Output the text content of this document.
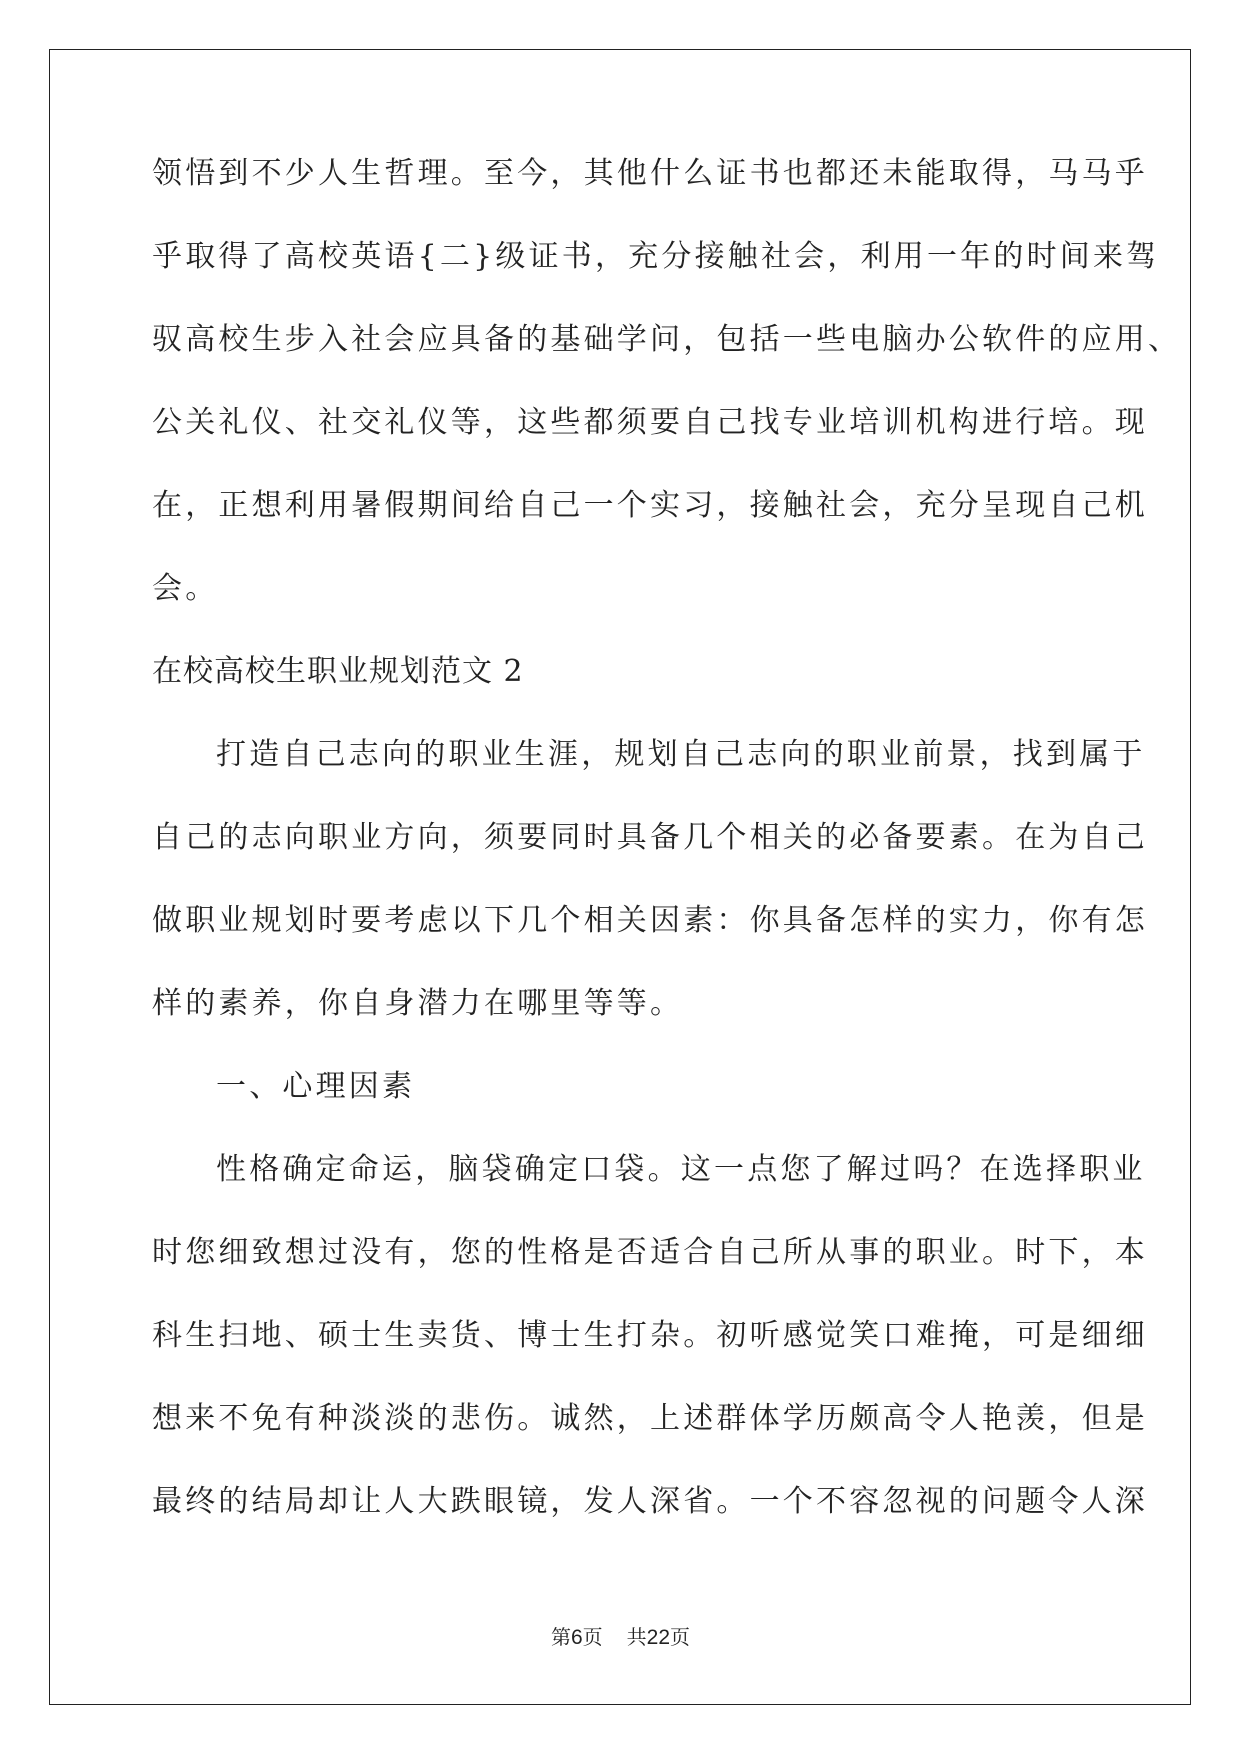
领悟到不少人生哲理。至今，其他什么证书也都还未能取得，马马乎
乎取得了高校英语{二}级证书，充分接触社会，利用一年的时间来驾
驭高校生步入社会应具备的基础学问，包括一些电脑办公软件的应用、
公关礼仪、社交礼仪等，这些都须要自己找专业培训机构进行培。现
在，正想利用暑假期间给自己一个实习，接触社会，充分呈现自己机
会。
在校高校生职业规划范文 2
打造自己志向的职业生涯，规划自己志向的职业前景，找到属于
自己的志向职业方向，须要同时具备几个相关的必备要素。在为自己
做职业规划时要考虑以下几个相关因素：你具备怎样的实力，你有怎
样的素养，你自身潜力在哪里等等。
一、心理因素
性格确定命运，脑袋确定口袋。这一点您了解过吗？在选择职业
时您细致想过没有，您的性格是否适合自己所从事的职业。时下，本
科生扫地、硕士生卖货、博士生打杂。初听感觉笑口难掩，可是细细
想来不免有种淡淡的悲伤。诚然，上述群体学历颇高令人艳羡，但是
最终的结局却让人大跌眼镜，发人深省。一个不容忽视的问题令人深
第6页 共22页
